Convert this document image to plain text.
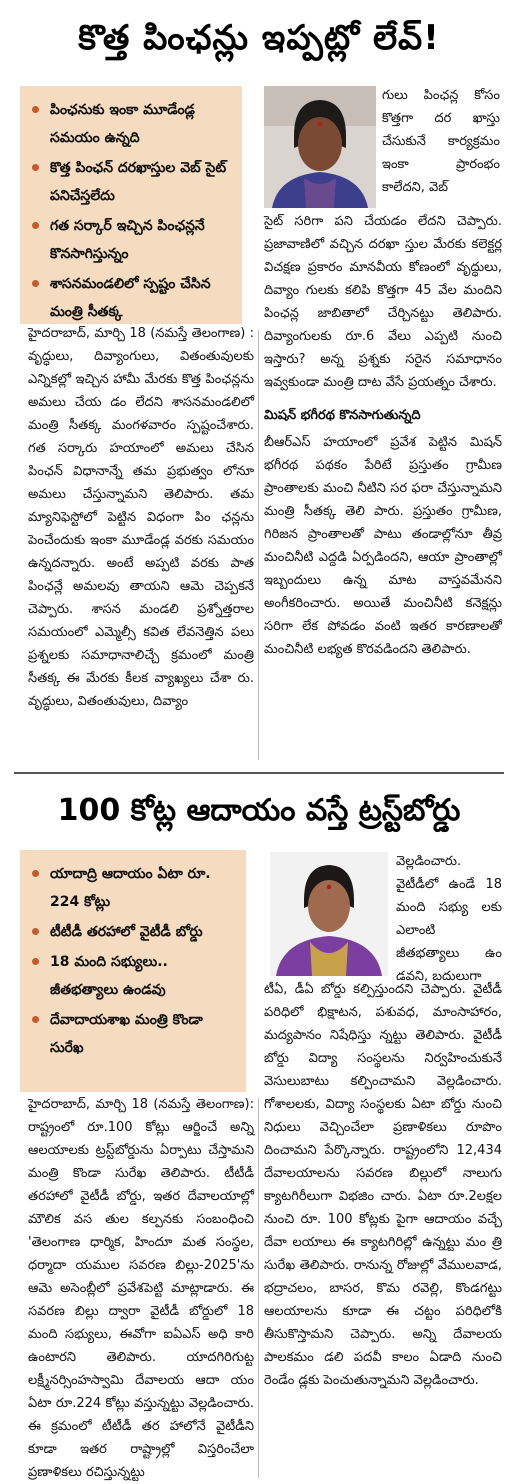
కొత్త పింఛన్లు ఇప్పట్లో లేవ్!
పింఛనుకు ఇంకా మూడేండ్ల సమయం ఉన్నది
కొత్త పింఛన్ దరఖాస్తుల వెబ్ సైట్ పనిచేస్తలేదు
గత సర్కార్ ఇచ్చిన పింఛన్లనే కొనసాగిస్తున్నం
శాసనమండలిలో స్పష్టం చేసిన మంత్రి సీతక్క

గులు పింఛన్ల కోసం కొత్తగా దర ఖాస్తు చేసుకునే కార్యక్రమం ఇంకా ప్రారంభం కాలేదని, వెబ్

సైట్ సరిగా పని చేయడం లేదని చెప్పారు. ప్రజావాణిలో వచ్చిన దరఖా స్తుల మేరకు కలెక్టర్ల విచక్షణ ప్రకారం మానవీయ కోణంలో వృద్ధులు, దివ్యాం గులకు కలిపి కొత్తగా 45 వేల మందిని పింఛన్ల జాబితాలో చేర్చినట్టు తెలిపారు. దివ్యాంగులకు రూ.6 వేలు ఎప్పటి నుంచి ఇస్తారు? అన్న ప్రశ్నకు సరైన సమాధానం ఇవ్వకుండా మంత్రి దాట వేసే ప్రయత్నం చేశారు.

మిషన్ భగీరథ కొనసాగుతున్నది

బీఆర్ఎస్ హయాంలో ప్రవేశ పెట్టిన మిషన్ భగీరథ పథకం పేరిటే ప్రస్తుతం గ్రామీణ ప్రాంతాలకు మంచి నీటిని సర ఫరా చేస్తున్నామని మంత్రి సీతక్క తెలి పారు. ప్రస్తుతం గ్రామీణ, గిరిజన ప్రాంతాలతో పాటు తండాల్లోనూ తీవ్ర మంచినీటి ఎద్దడి ఏర్పడిందని, ఆయా ప్రాంతాల్లో ఇబ్బందులు ఉన్న మాట వాస్తవమేనని అంగీకరించారు. అయితే మంచినీటి కనెక్షన్లు సరిగా లేక పోవడం వంటి ఇతర కారణాలతో మంచినీటి లభ్యత కొరవడిందని తెలిపారు.

హైదరాబాద్, మార్చి 18 (నమస్తే తెలంగాణ) : వృద్ధులు, దివ్యాంగులు, వితంతువులకు ఎన్నికల్లో ఇచ్చిన హామీ మేరకు కొత్త పింఛన్లను అమలు చేయ డం లేదని శాసనమండలిలో మంత్రి సీతక్క మంగళవారం స్పష్టంచేశారు. గత సర్కారు హయాంలో అమలు చేసిన పింఛన్ విధానాన్నే తమ ప్రభుత్వం లోనూ అమలు చేస్తున్నామని తెలిపారు. తమ మ్యానిఫెస్టోలో పెట్టిన విధంగా పిం ఛన్లను పెంచేందుకు ఇంకా మూడేండ్ల వరకు సమయం ఉన్నదన్నారు. అంటే అప్పటి వరకు పాత పింఛన్లే అమలవు తాయని ఆమె చెప్పకనే చెప్పారు. శాసన మండలి ప్రశ్నోత్తరాల సమయంలో ఎమ్మెల్సీ కవిత లేవనెత్తిన పలు ప్రశ్నలకు సమాధానాలిచ్చే క్రమంలో మంత్రి సీతక్క ఈ మేరకు కీలక వ్యాఖ్యలు చేశా రు. వృద్ధులు, వితంతువులు, దివ్యాం

100 కోట్ల ఆదాయం వస్తే ట్రస్ట్‌బోర్డు
యాదాద్రి ఆదాయం ఏటా రూ. 224 కోట్లు
టీటీడీ తరహాలో వైటీడీ బోర్డు
18 మంది సభ్యులు.. జీతభత్యాలు ఉండవు
దేవాదాయశాఖ మంత్రి కొండా సురేఖ

వెల్లడించారు. వైటీడీలో ఉండే 18 మంది సభ్యు లకు ఎలాంటి జీతభత్యాలు ఉం డవని, బదులుగా

టీఏ, డీఏ బోర్డు కల్పిస్తుందని చెప్పారు. వైటీడీ పరిధిలో భిక్షాటన, పశువధ, మాంసాహారం, మద్యపానం నిషేధిస్తు న్నట్టు తెలిపారు. వైటీడీ బోర్డు విద్యా సంస్థలను నిర్వహించుకునే వెసులుబాటు కల్పించామని వెల్లడించారు. గోశాలలకు, విద్యా సంస్థలకు ఏటా బోర్డు నుంచి నిధులు వెచ్చించేలా ప్రణాళికలు రూపొం దించామని పేర్కొన్నారు. రాష్ట్రంలోని 12,434 దేవాలయాలను సవరణ బిల్లులో నాలుగు క్యాటగిరీలుగా విభజిం చారు. ఏటా రూ.2లక్షల నుంచి రూ. 100 కోట్లకు పైగా ఆదాయం వచ్చే దేవా లయాలు ఈ క్యాటగిరిల్లో ఉన్నట్టు మం త్రి సురేఖ తెలిపారు. రానున్న రోజుల్లో వేములవాడ, భద్రాచలం, బాసర, కొమ రవెల్లి, కొండగట్టు ఆలయాలను కూడా ఈ చట్టం పరిధిలోకి తీసుకొస్తామని చెప్పారు. అన్ని దేవాలయ పాలకమం డలి పదవీ కాలం ఏడాది నుంచి రెండేం డ్లకు పెంచుతున్నామని వెల్లడించారు.

హైదరాబాద్, మార్చి 18 (నమస్తే తెలంగాణ): రాష్ట్రంలో రూ.100 కోట్లు ఆర్జించే అన్ని ఆలయాలకు ట్రస్ట్‌బోర్డును ఏర్పాటు చేస్తామని మంత్రి కొండా సురేఖ తెలిపారు. టీటీడీ తరహాలో వైటీడీ బోర్డు, ఇతర దేవాలయాల్లో మౌలిక వస తుల కల్పనకు సంబంధించి 'తెలంగాణ ధార్మిక, హిందూ మత సంస్థల, ధర్మాదా యముల సవరణ బిల్లు-2025'ను ఆమె అసెంబ్లీలో ప్రవేశపెట్టి మాట్లాడారు. ఈ సవరణ బిల్లు ద్వారా వైటీడీ బోర్డులో 18 మంది సభ్యులు, ఈవోగా ఐఏఎస్ అధి కారి ఉంటారని తెలిపారు. యాదగిరిగుట్ట లక్ష్మీనర్సింహస్వామి దేవాలయ ఆదా యం ఏటా రూ.224 కోట్లు వస్తున్నట్టు వెల్లడించారు. ఈ క్రమంలో టీటీడీ తర హాలోనే వైటీడీని కూడా ఇతర రాష్ట్రాల్లో విస్తరించేలా ప్రణాళికలు రచిస్తున్నట్టు
